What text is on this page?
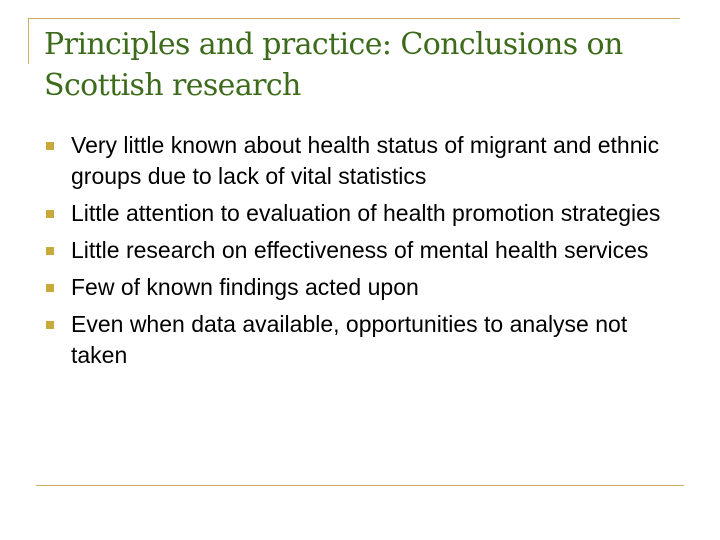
Principles and practice: Conclusions on Scottish research
Very little known about health status of migrant and ethnic groups due to lack of vital statistics
Little attention to evaluation of health promotion strategies
Little research on effectiveness of mental health services
Few of known findings acted upon
Even when data available, opportunities to analyse not taken
